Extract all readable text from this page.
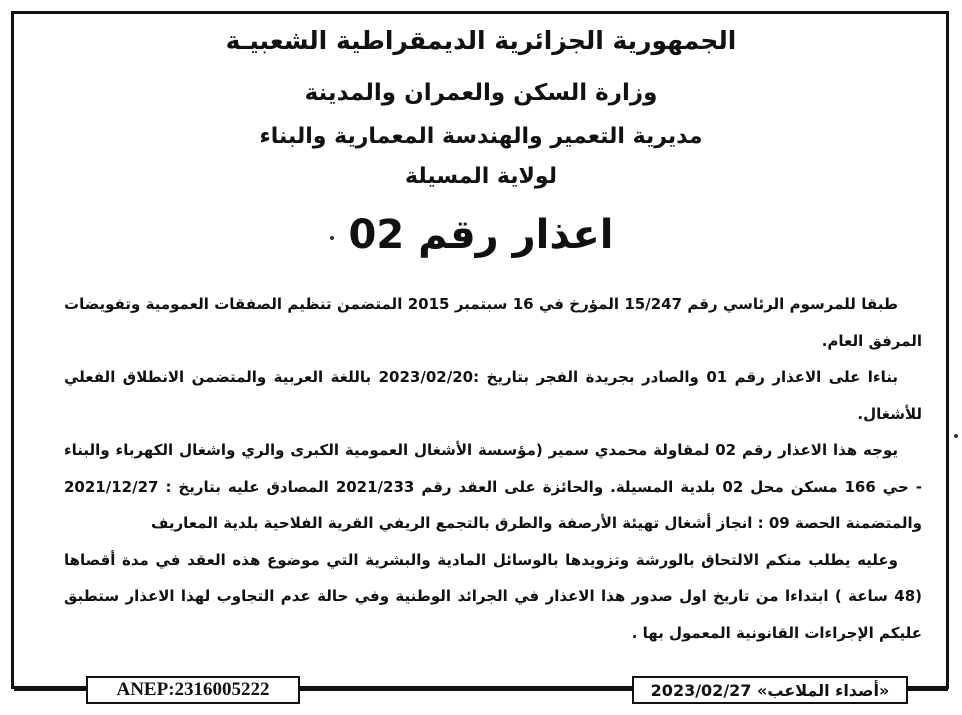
الجمهورية الجزائرية الديمقراطية الشعبيـة
وزارة السكن والعمران والمدينة
مديرية التعمير والهندسة المعمارية والبناء
لولاية المسيلة
اعذار رقم 02

طبقا للمرسوم الرئاسي رقم 15/247 المؤرخ في 16 سبتمبر 2015 المتضمن تنظيم الصفقات العمومية وتفويضات المرفق العام.

بناءا على الاعذار رقم 01 والصادر بجريدة الفجر بتاريخ :2023/02/20 باللغة العربية والمتضمن الانطلاق الفعلي للأشغال.

يوجه هذا الاعذار رقم 02 لمقاولة محمدي سمير (مؤسسة الأشغال العمومية الكبرى والري واشغال الكهرباء والبناء - حي 166 مسكن محل 02 بلدية المسيلة. والحائزة على العقد رقم 2021/233 المصادق عليه بتاريخ : 2021/12/27 والمتضمنة الحصة 09 : انجاز أشغال تهيئة الأرصفة والطرق بالتجمع الريفي القرية الفلاحية بلدية المعاريف

وعليه يطلب منكم الالتحاق بالورشة وتزويدها بالوسائل المادية والبشرية التي موضوع هذه العقد في مدة أقصاها (48 ساعة ) ابتداءا من تاريخ اول صدور هذا الاعذار في الجرائد الوطنية وفي حالة عدم التجاوب لهذا الاعذار ستطبق عليكم الإجراءات القانونية المعمول بها .

ANEP:2316005222	«أصداء الملاعب» 2023/02/27
